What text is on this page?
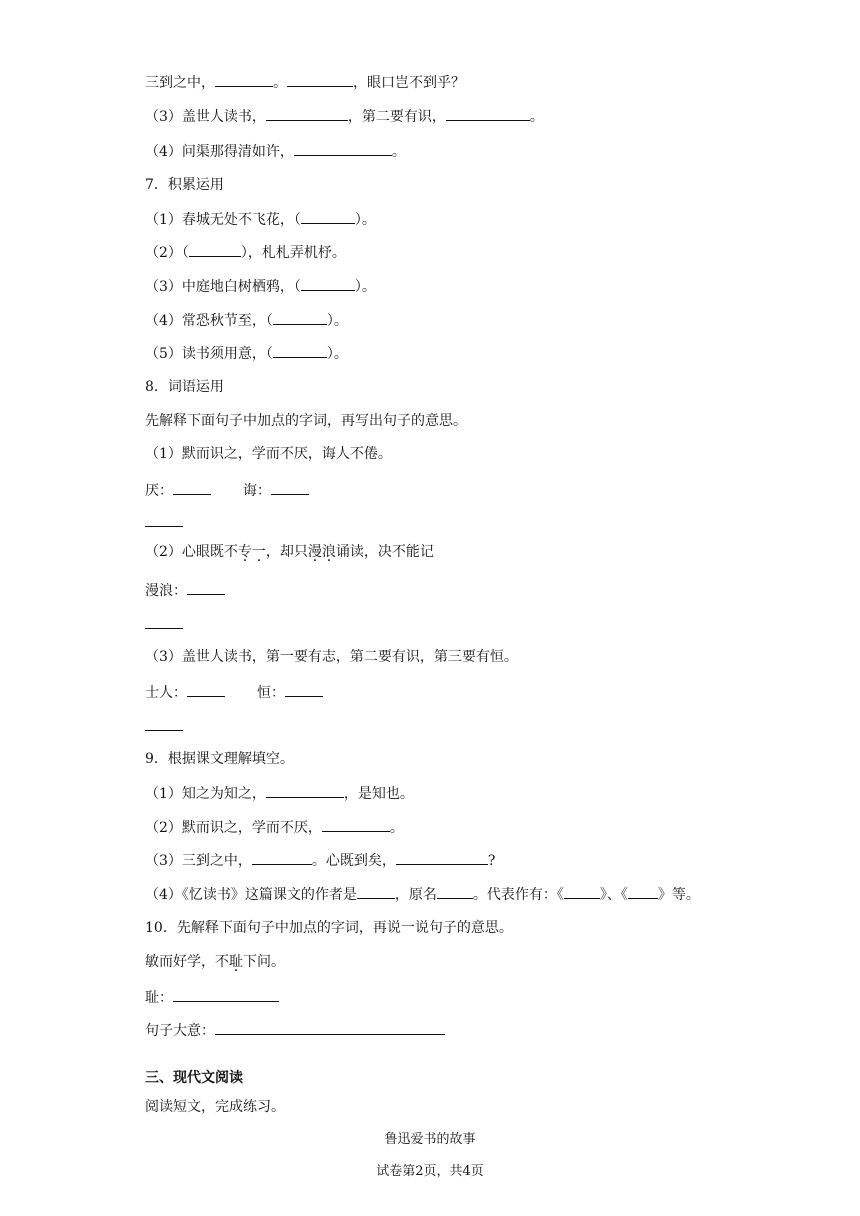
三到之中，	。	，眼口岂不到乎？
（3）盖世人读书，	，第二要有识，	。
（4）问渠那得清如许，	。
7．积累运用
（1）春城无处不飞花，（	）。
（2）（	），札札弄机杼。
（3）中庭地白树栖鸦，（	）。
（4）常恐秋节至，（	）。
（5）读书须用意，（	）。
8．词语运用
先解释下面句子中加点的字词，再写出句子的意思。
（1）默而识之，学而不厌，诲人不倦。
厌：	诲：
（2）心眼既不专一，却只漫浪诵读，决不能记
漫浪：
（3）盖世人读书，第一要有志，第二要有识，第三要有恒。
士人：	恒：
9．根据课文理解填空。
（1）知之为知之，	，是知也。
（2）默而识之，学而不厌，	。
（3）三到之中，	。心既到矣，	?
（4）《忆读书》这篇课文的作者是	，原名	。代表作有：《	》、《 》等。
10．先解释下面句子中加点的字词，再说一说句子的意思。
敏而好学，不耻下问。
耻：
句子大意：
三、现代文阅读
阅读短文，完成练习。
鲁迅爱书的故事
试卷第2页，共4页
